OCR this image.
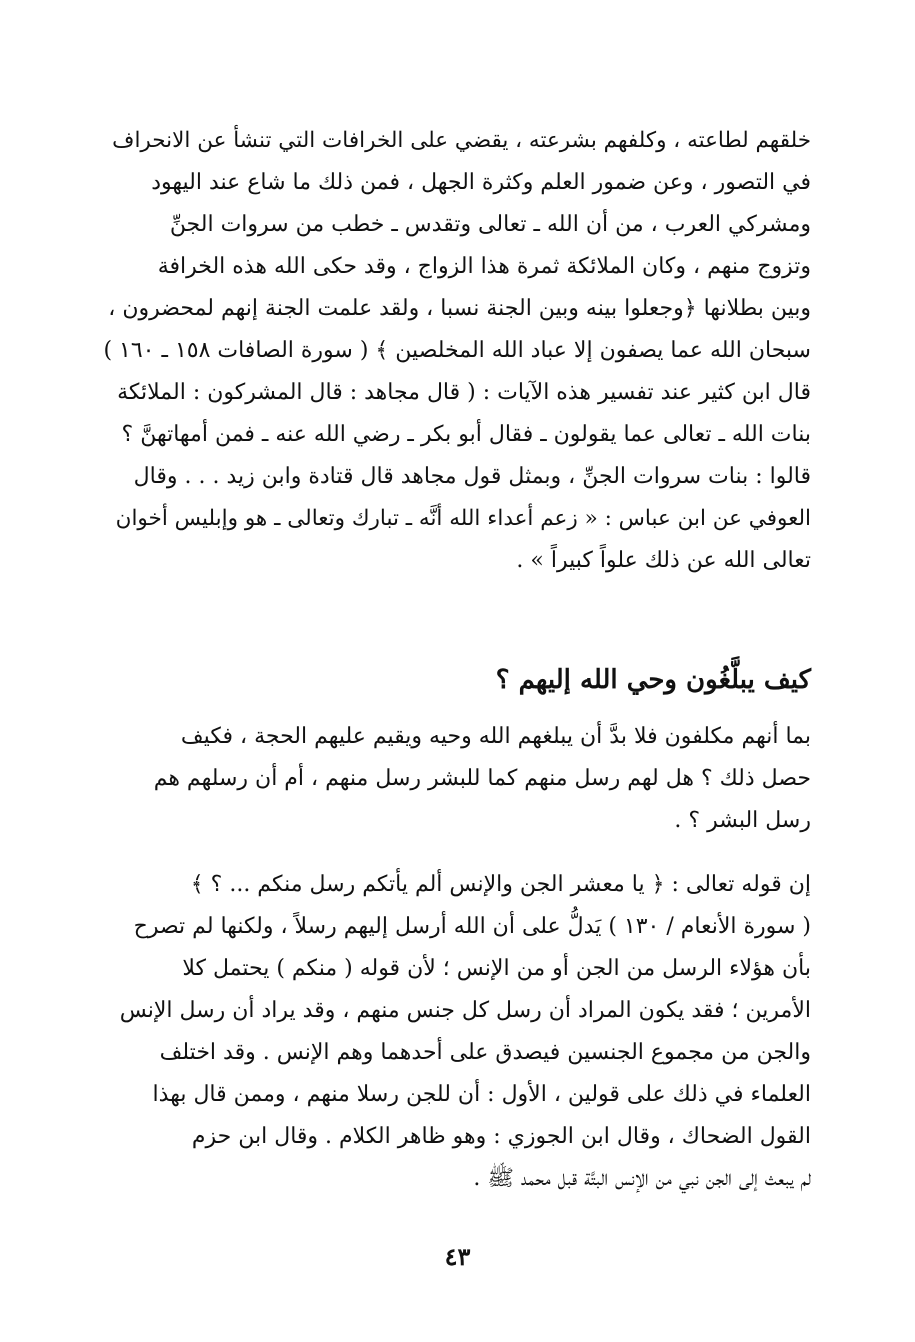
خلقهم لطاعته ، وكلفهم بشرعته ، يقضي على الخرافات التي تنشأ عن الانحراف

في التصور ، وعن ضمور العلم وكثرة الجهل ، فمن ذلك ما شاع عند اليهود

ومشركي العرب ، من أن الله ـ تعالى وتقدس ـ خطب من سروات الجنِّ

وتزوج منهم ، وكان الملائكة ثمرة هذا الزواج ، وقد حكى الله هذه الخرافة

وبين بطلانها ﴿وجعلوا بينه وبين الجنة نسبا ، ولقد علمت الجنة إنهم لمحضرون ،

سبحان الله عما يصفون إلا عباد الله المخلصين ﴾ ( سورة الصافات ١٥٨ ـ ١٦٠ )

قال ابن كثير عند تفسير هذه الآيات : ( قال مجاهد : قال المشركون : الملائكة

بنات الله ـ تعالى عما يقولون ـ فقال أبو بكر ـ رضي الله عنه ـ فمن أمهاتهنَّ ؟

قالوا : بنات سروات الجنِّ ، وبمثل قول مجاهد قال قتادة وابن زيد . . . وقال

العوفي عن ابن عباس : « زعم أعداء الله أنَّه ـ تبارك وتعالى ـ هو وإبليس أخوان

تعالى الله عن ذلك علواً كبيراً » .

كيف يبلَّغُون وحي الله إليهم ؟

بما أنهم مكلفون فلا بدَّ أن يبلغهم الله وحيه ويقيم عليهم الحجة ، فكيف

حصل ذلك ؟ هل لهم رسل منهم كما للبشر رسل منهم ، أم أن رسلهم هم

رسل البشر ؟ .

إن قوله تعالى : ﴿ يا معشر الجن والإنس ألم يأتكم رسل منكم ... ؟ ﴾

( سورة الأنعام / ١٣٠ ) يَدلُّ على أن الله أرسل إليهم رسلاً ، ولكنها لم تصرح

بأن هؤلاء الرسل من الجن أو من الإنس ؛ لأن قوله ( منكم ) يحتمل كلا

الأمرين ؛ فقد يكون المراد أن رسل كل جنس منهم ، وقد يراد أن رسل الإنس

والجن من مجموع الجنسين فيصدق على أحدهما وهم الإنس . وقد اختلف

العلماء في ذلك على قولين ، الأول : أن للجن رسلا منهم ، وممن قال بهذا

القول الضحاك ، وقال ابن الجوزي : وهو ظاهر الكلام . وقال ابن حزم

لم يبعث إلى الجن نبي من الإنس البتَّة قبل محمد ﷺ .

٤٣
